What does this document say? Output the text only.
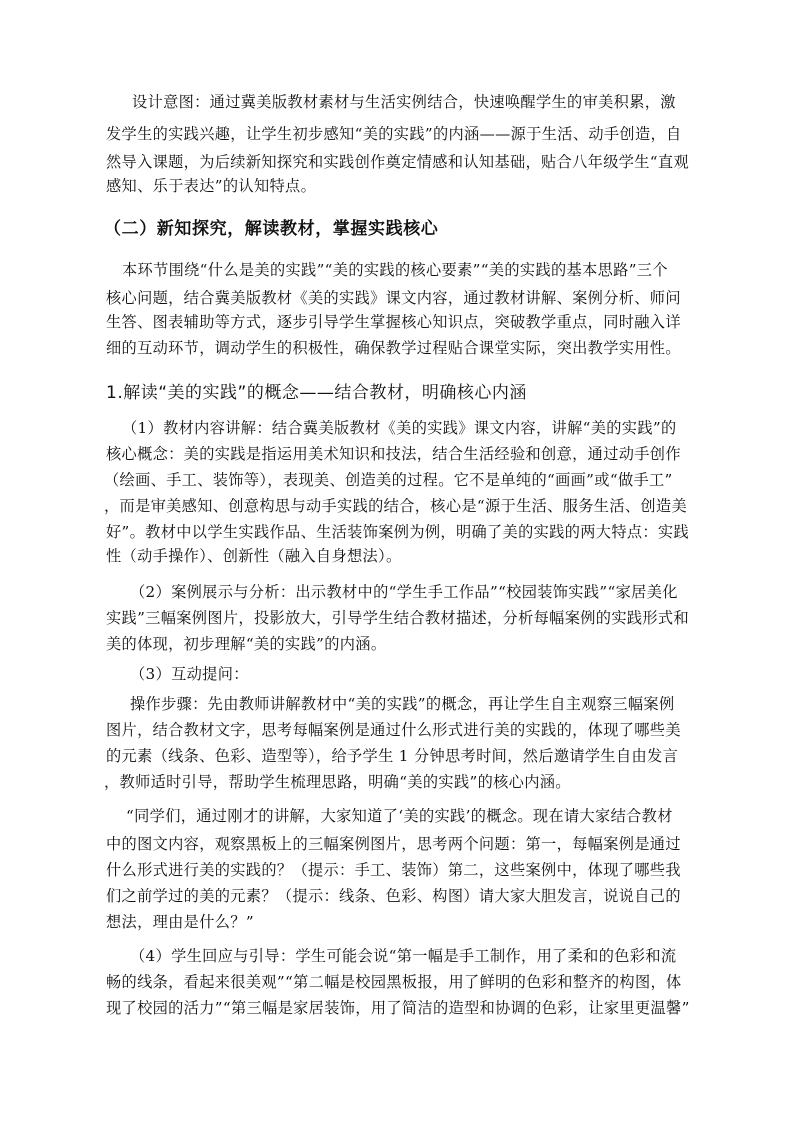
设计意图：通过冀美版教材素材与生活实例结合，快速唤醒学生的审美积累，激
发学生的实践兴趣，让学生初步感知“美的实践”的内涵——源于生活、动手创造，自
然导入课题，为后续新知探究和实践创作奠定情感和认知基础，贴合八年级学生“直观
感知、乐于表达”的认知特点。
（二）新知探究，解读教材，掌握实践核心
本环节围绕“什么是美的实践”“美的实践的核心要素”“美的实践的基本思路”三个
核心问题，结合冀美版教材《美的实践》课文内容，通过教材讲解、案例分析、师问
生答、图表辅助等方式，逐步引导学生掌握核心知识点，突破教学重点，同时融入详
细的互动环节，调动学生的积极性，确保教学过程贴合课堂实际，突出教学实用性。
1.解读“美的实践”的概念——结合教材，明确核心内涵
（1）教材内容讲解：结合冀美版教材《美的实践》课文内容，讲解“美的实践”的
核心概念：美的实践是指运用美术知识和技法，结合生活经验和创意，通过动手创作
（绘画、手工、装饰等），表现美、创造美的过程。它不是单纯的“画画”或“做手工”
，而是审美感知、创意构思与动手实践的结合，核心是“源于生活、服务生活、创造美
好”。教材中以学生实践作品、生活装饰案例为例，明确了美的实践的两大特点：实践
性（动手操作）、创新性（融入自身想法）。
（2）案例展示与分析：出示教材中的“学生手工作品”“校园装饰实践”“家居美化
实践”三幅案例图片，投影放大，引导学生结合教材描述，分析每幅案例的实践形式和
美的体现，初步理解“美的实践”的内涵。
（3）互动提问：
操作步骤：先由教师讲解教材中“美的实践”的概念，再让学生自主观察三幅案例
图片，结合教材文字，思考每幅案例是通过什么形式进行美的实践的，体现了哪些美
的元素（线条、色彩、造型等），给予学生 1 分钟思考时间，然后邀请学生自由发言
，教师适时引导，帮助学生梳理思路，明确“美的实践”的核心内涵。
“同学们，通过刚才的讲解，大家知道了‘美的实践’的概念。现在请大家结合教材
中的图文内容，观察黑板上的三幅案例图片，思考两个问题：第一，每幅案例是通过
什么形式进行美的实践的？（提示：手工、装饰）第二，这些案例中，体现了哪些我
们之前学过的美的元素？（提示：线条、色彩、构图）请大家大胆发言，说说自己的
想法，理由是什么？”
（4）学生回应与引导：学生可能会说“第一幅是手工制作，用了柔和的色彩和流
畅的线条，看起来很美观”“第二幅是校园黑板报，用了鲜明的色彩和整齐的构图，体
现了校园的活力”“第三幅是家居装饰，用了简洁的造型和协调的色彩，让家里更温馨”
